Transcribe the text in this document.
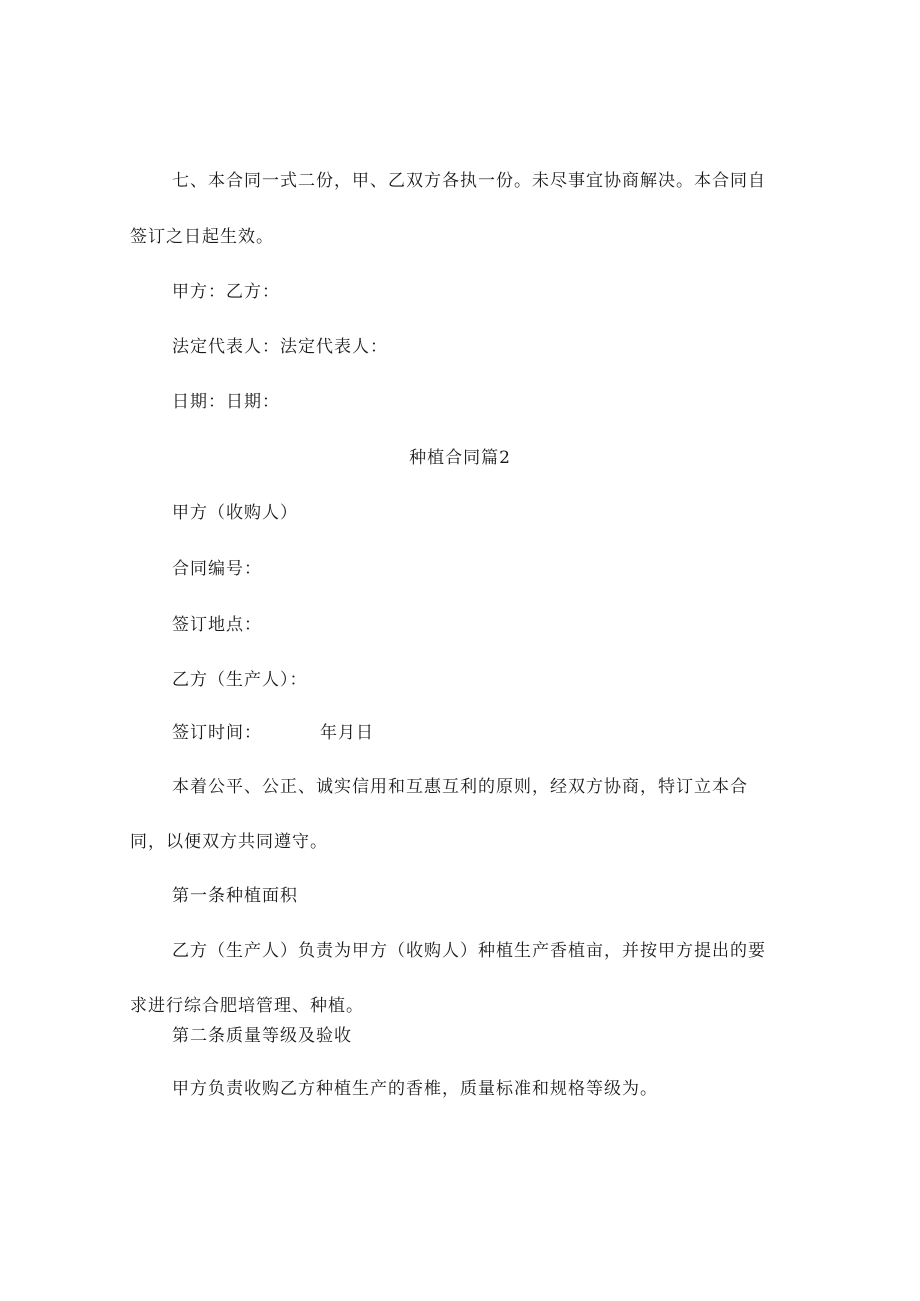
七、本合同一式二份，甲、乙双方各执一份。未尽事宜协商解决。本合同自
签订之日起生效。
甲方：乙方：
法定代表人：法定代表人：
日期：日期：
种植合同篇2
甲方（收购人）
合同编号：
签订地点：
乙方（生产人）：
签订时间：	年月日
本着公平、公正、诚实信用和互惠互利的原则，经双方协商，特订立本合
同，以便双方共同遵守。
第一条种植面积
乙方（生产人）负责为甲方（收购人）种植生产香植亩，并按甲方提出的要
求进行综合肥培管理、种植。
第二条质量等级及验收
甲方负责收购乙方种植生产的香椎，质量标准和规格等级为。
